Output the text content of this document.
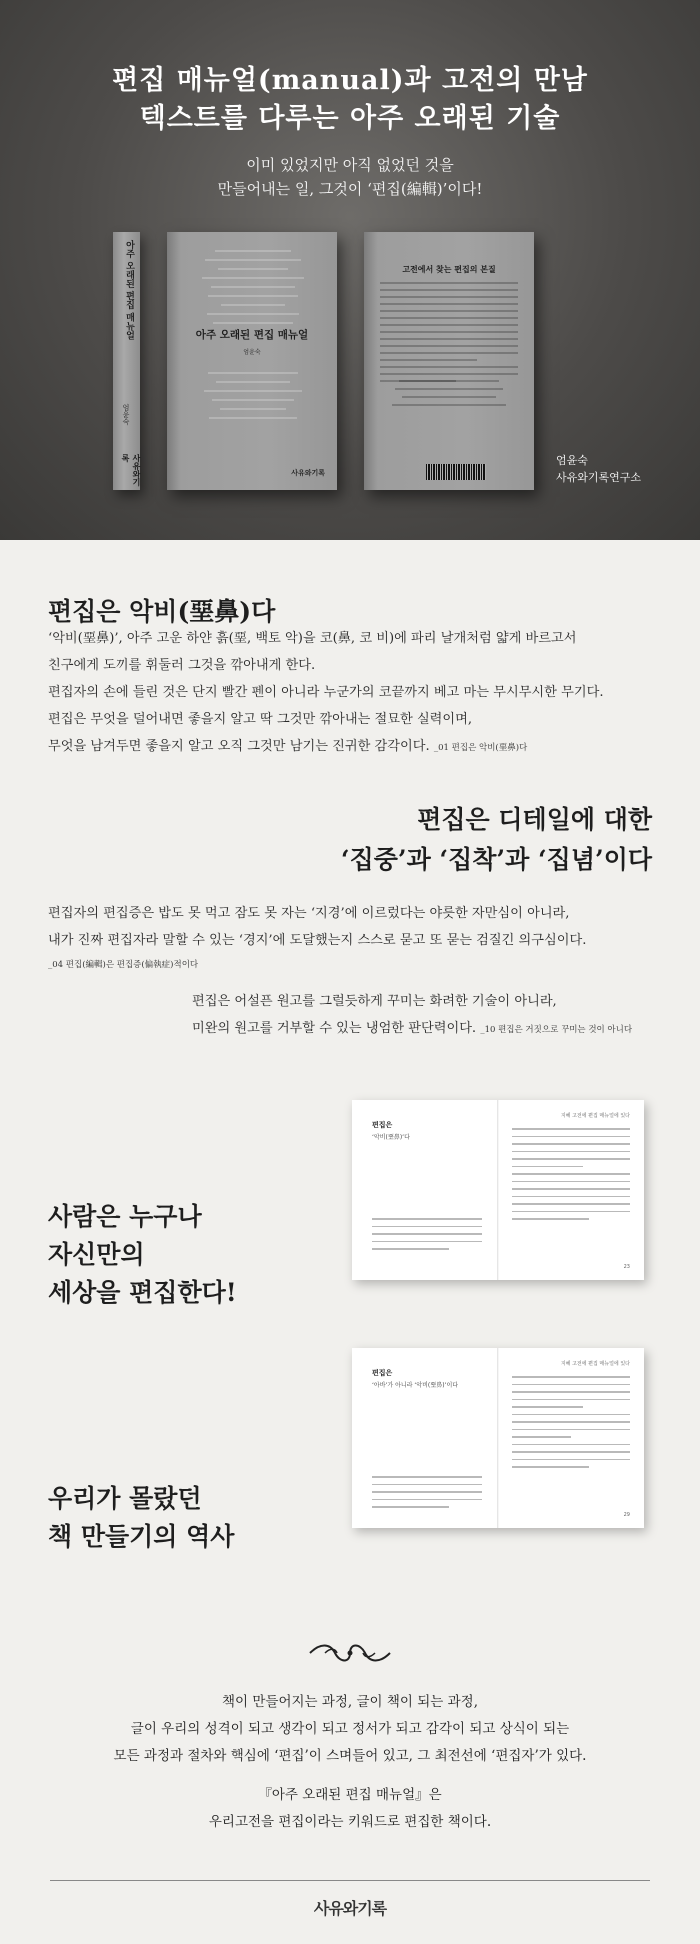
편집 매뉴얼(manual)과 고전의 만남
텍스트를 다루는 아주 오래된 기술
이미 있었지만 아직 없었던 것을
만들어내는 일, 그것이 ‘편집(編輯)’이다!
아주 오래된 편집 매뉴얼
엄윤숙
사유와기록
아주 오래된 편집 매뉴얼
엄윤숙
사유와기록
고전에서 찾는 편집의 본질
엄윤숙
사유와기록연구소
편집은 악비(堊鼻)다
‘악비(堊鼻)’, 아주 고운 하얀 흙(堊, 백토 악)을 코(鼻, 코 비)에 파리 날개처럼 얇게 바르고서
친구에게 도끼를 휘둘러 그것을 깎아내게 한다.
편집자의 손에 들린 것은 단지 빨간 펜이 아니라 누군가의 코끝까지 베고 마는 무시무시한 무기다.
편집은 무엇을 덜어내면 좋을지 알고 딱 그것만 깎아내는 절묘한 실력이며,
무엇을 남겨두면 좋을지 알고 오직 그것만 남기는 진귀한 감각이다. _01 편집은 악비(堊鼻)다
편집은 디테일에 대한
‘집중’과 ‘집착’과 ‘집념’이다
편집자의 편집증은 밥도 못 먹고 잠도 못 자는 ‘지경’에 이르렀다는 야릇한 자만심이 아니라,
내가 진짜 편집자라 말할 수 있는 ‘경지’에 도달했는지 스스로 묻고 또 묻는 검질긴 의구심이다.
_04 편집(編輯)은 편집증(偏執症)적이다
편집은 어설픈 원고를 그럴듯하게 꾸미는 화려한 기술이 아니라,
미완의 원고를 거부할 수 있는 냉엄한 판단력이다. _10 편집은 거짓으로 꾸미는 것이 아니다
사람은 누구나
자신만의
세상을 편집한다!
편집은
‘악비(堊鼻)’다
지혜 고전에 편집 매뉴얼에 있다
23
우리가 몰랐던
책 만들기의 역사
편집은
‘아바’가 아니라 ‘악비(堊鼻)’이다
지혜 고전에 편집 매뉴얼에 있다
29
책이 만들어지는 과정, 글이 책이 되는 과정,
글이 우리의 성격이 되고 생각이 되고 정서가 되고 감각이 되고 상식이 되는
모든 과정과 절차와 핵심에 ‘편집’이 스며들어 있고, 그 최전선에 ‘편집자’가 있다.
『아주 오래된 편집 매뉴얼』은
우리고전을 편집이라는 키워드로 편집한 책이다.
사유와기록
